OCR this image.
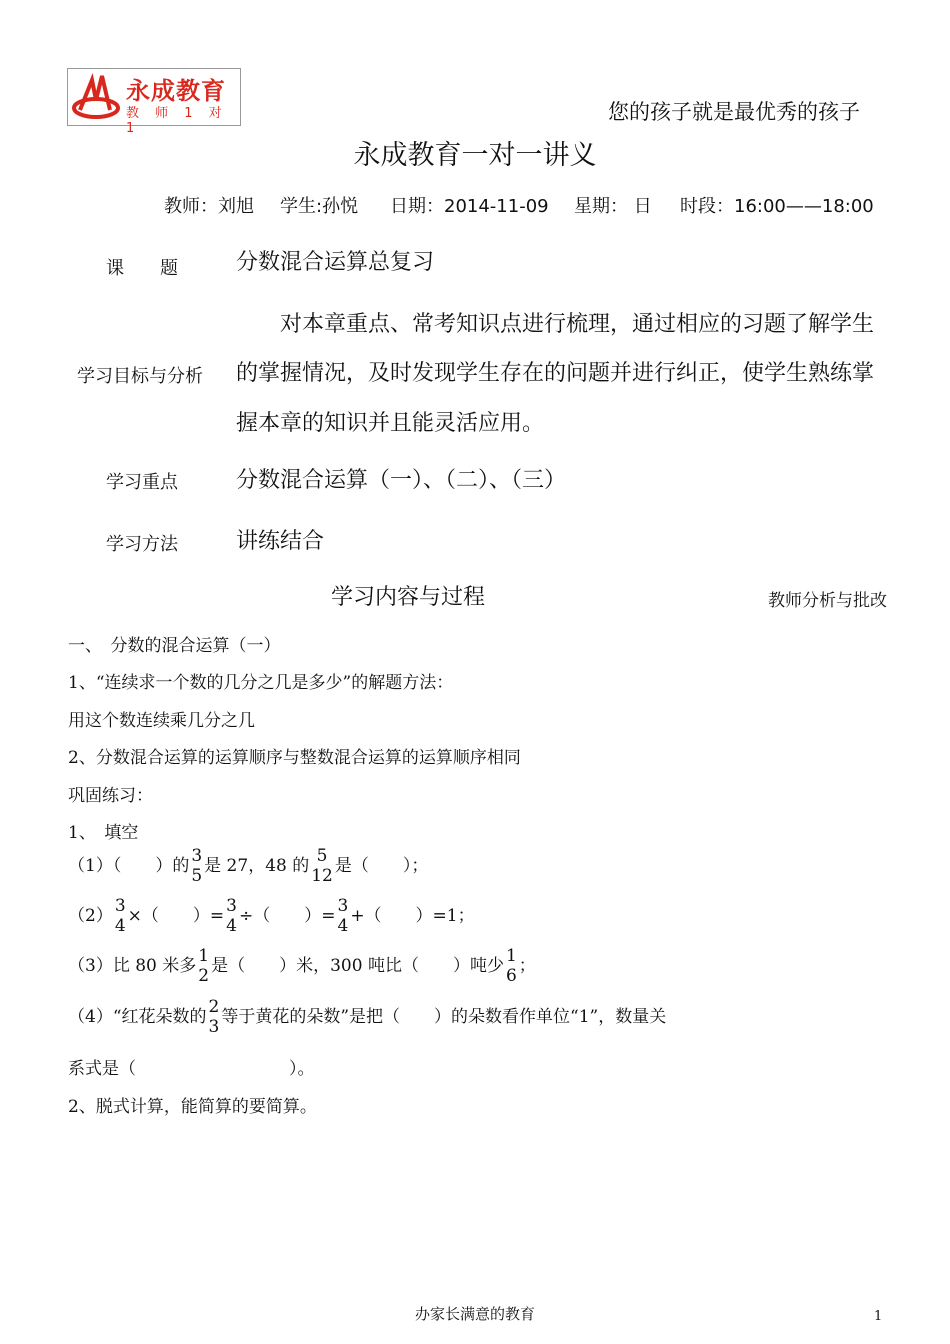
永成教育
教 师 1 对 1
您的孩子就是最优秀的孩子
永成教育一对一讲义
教师：刘旭 学生:孙悦 日期：2014-11-09 星期： 日 时段：16:00——18:00
课　　题	分数混合运算总复习
学习目标与分析
对本章重点、常考知识点进行梳理，通过相应的习题了解学生
的掌握情况，及时发现学生存在的问题并进行纠正，使学生熟练掌
握本章的知识并且能灵活应用。
学习重点	分数混合运算（一）、（二）、（三）
学习方法	讲练结合
学习内容与过程	教师分析与批改
一、　分数的混合运算（一）
1、“连续求一个数的几分之几是多少”的解题方法：
用这个数连续乘几分之几
2、分数混合运算的运算顺序与整数混合运算的运算顺序相同
巩固练习：
1、　填空
（1）（　　）的 3
5 是 27，48 的 5
12 是（　　）；
（2） 3
4 ×（　　）= 3
4 ÷（　　）= 3
4 +（　　）=1；
（3）比 80 米多 1
2 是（　　）米，300 吨比（　　）吨少 1
6 ；
（4）“红花朵数的 2
3 等于黄花的朵数”是把（　　）的朵数看作单位“1”，数量关
系式是（　　　　　　　　　）。
2、脱式计算，能简算的要简算。
办家长满意的教育	1
